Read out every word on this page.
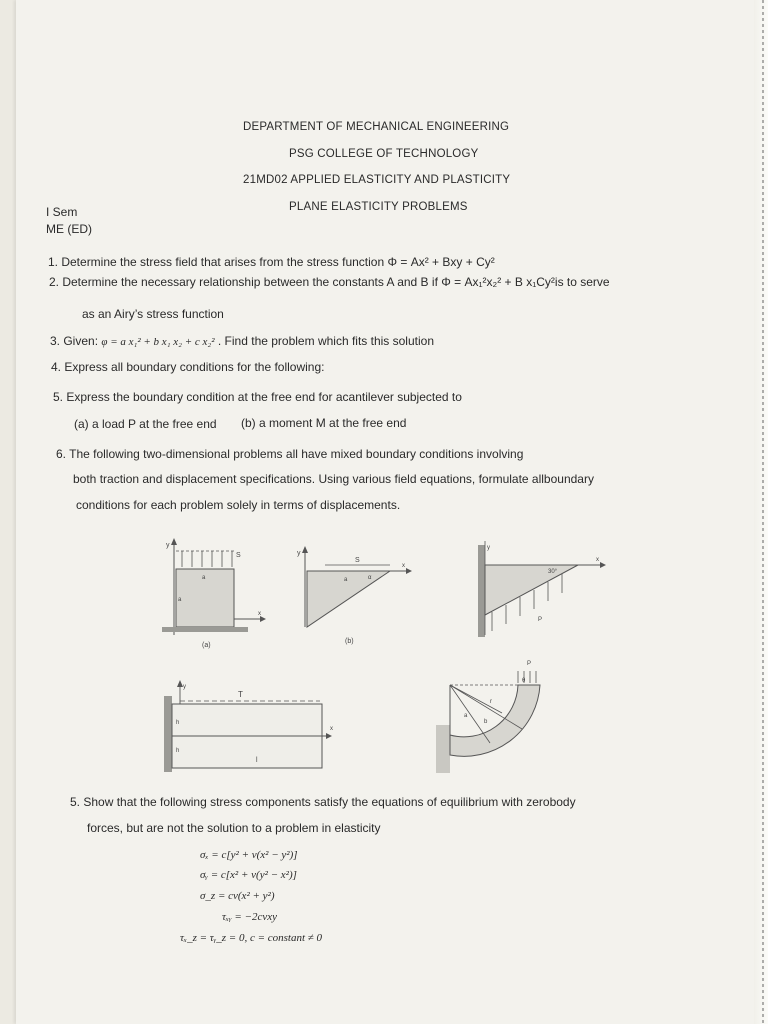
DEPARTMENT OF MECHANICAL ENGINEERING
PSG COLLEGE OF TECHNOLOGY
21MD02 APPLIED ELASTICITY AND PLASTICITY
PLANE ELASTICITY PROBLEMS
I Sem
ME (ED)
1. Determine the stress field that arises from the stress function Φ = Ax² + Bxy + Cy²
2. Determine the necessary relationship between the constants A and B if Φ = Ax₁²x₂² + B x₁Cy²is to serve
as an Airy’s stress function
3. Given: φ = a x₁² + b x₁ x₂ + c x₂² . Find the problem which fits this solution
4. Express all boundary conditions for the following:
5. Express the boundary condition at the free end for acantilever subjected to
(a) a load P at the free end (b) a moment M at the free end
6. The following two-dimensional problems all have mixed boundary conditions involving
both traction and displacement specifications. Using various field equations, formulate allboundary
conditions for each problem solely in terms of displacements.
y
S
a
a
x
(a)
y
S
x
a	α
(b)
y
x
30°
P
y
x
T
h
h
l
P
θ
a
b
r
5. Show that the following stress components satisfy the equations of equilibrium with zerobody
forces, but are not the solution to a problem in elasticity
σₓ = c[y² + ν(x² − y²)]
σᵧ = c[x² + ν(y² − x²)]
σ_z = cν(x² + y²)
τₓᵧ = −2cνxy
τₓ_z = τᵧ_z = 0, c = constant ≠ 0
